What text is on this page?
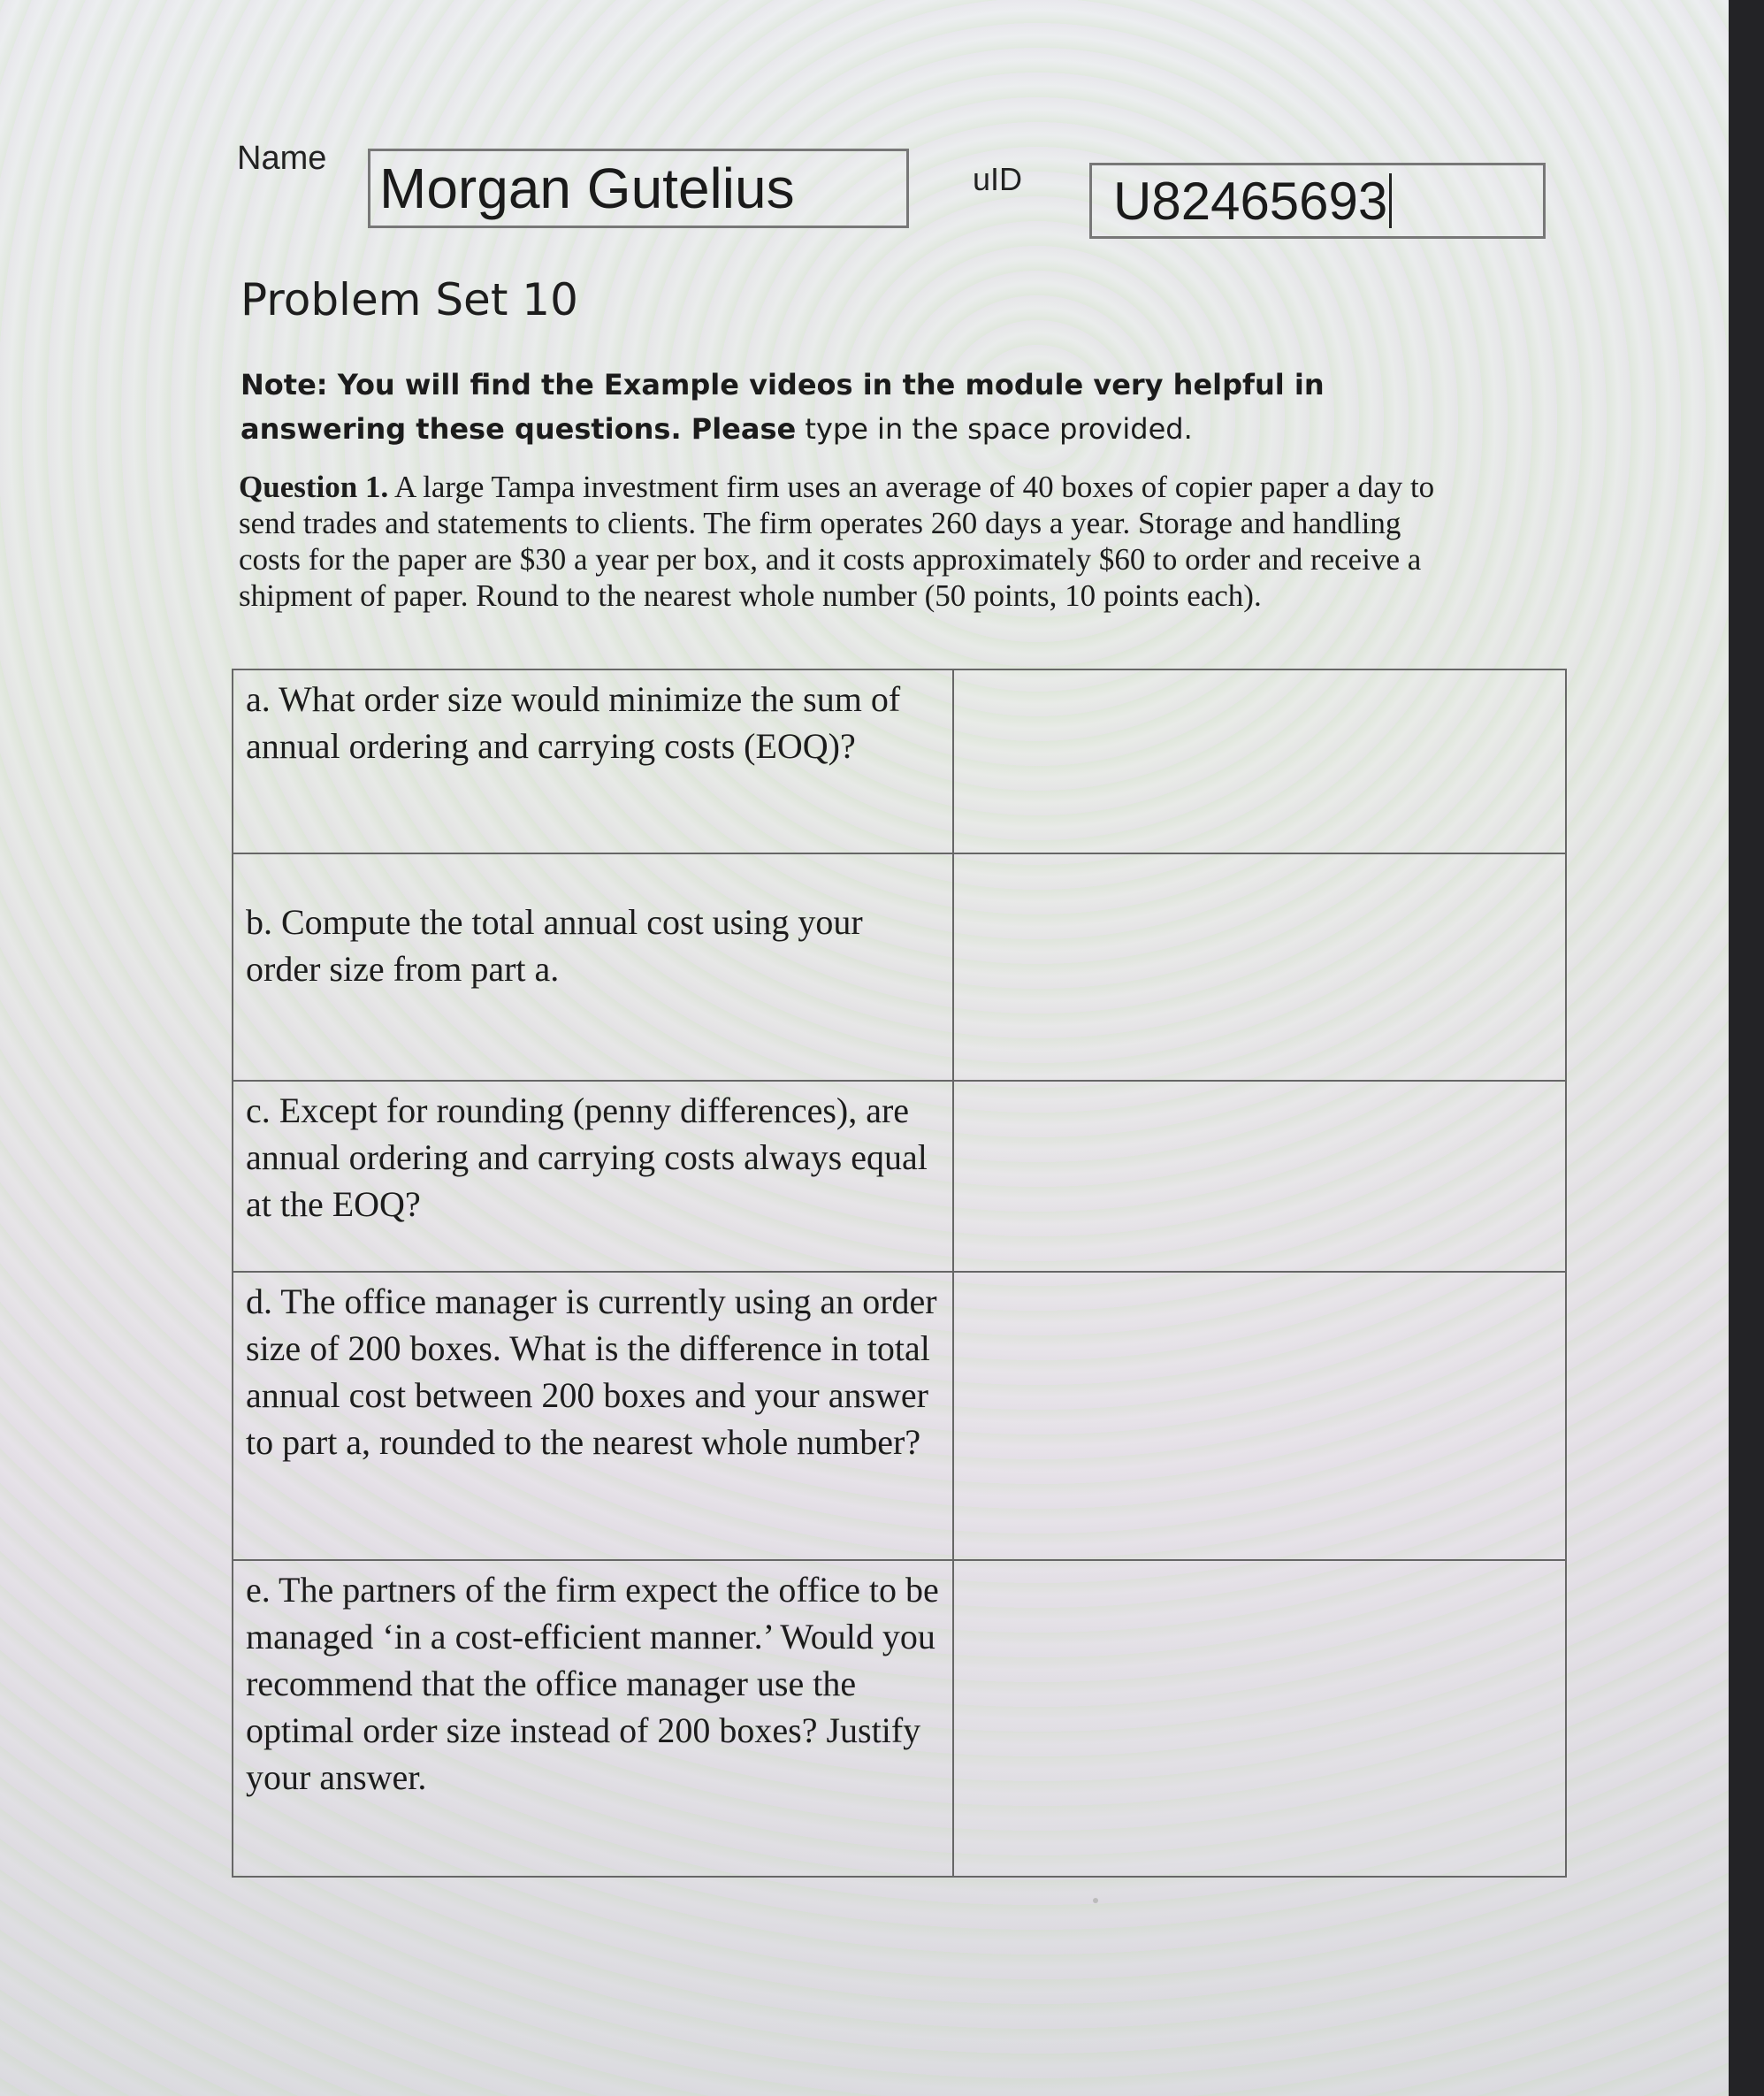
Name Morgan Gutelius	uID U82465693
Problem Set 10
Note: You will find the Example videos in the module very helpful in answering these questions. Please type in the space provided.
Question 1. A large Tampa investment firm uses an average of 40 boxes of copier paper a day to send trades and statements to clients. The firm operates 260 days a year. Storage and handling costs for the paper are $30 a year per box, and it costs approximately $60 to order and receive a shipment of paper. Round to the nearest whole number (50 points, 10 points each).
a. What order size would minimize the sum of annual ordering and carrying costs (EOQ)?	
b. Compute the total annual cost using your order size from part a.	
c. Except for rounding (penny differences), are annual ordering and carrying costs always equal at the EOQ?	
d. The office manager is currently using an order size of 200 boxes. What is the difference in total annual cost between 200 boxes and your answer to part a, rounded to the nearest whole number?	
e. The partners of the firm expect the office to be managed ‘in a cost-efficient manner.’ Would you recommend that the office manager use the optimal order size instead of 200 boxes? Justify your answer.	
